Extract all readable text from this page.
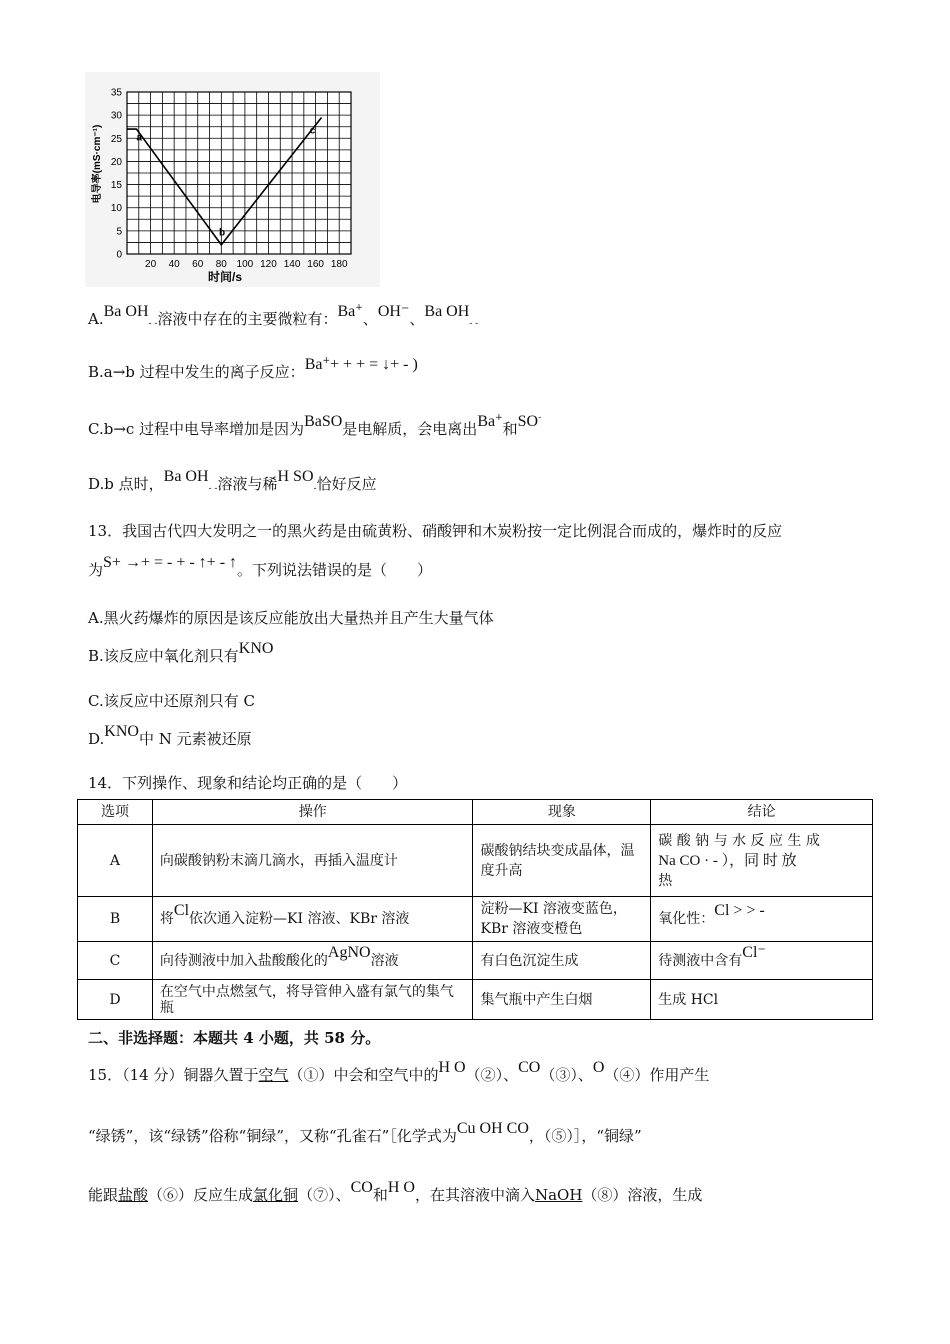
20 40 60 80 100 120 140 160 180
0
5
10
15
20
25
30
35
a
b
c
电导率(mS·cm⁻¹)
时间/s
A.Ba OH- -溶液中存在的主要微粒有：Ba+、OH⁻、Ba OH- -
B.a→b 过程中发生的离子反应：Ba++ + + = ↓+ - )
C.b→c 过程中电导率增加是因为BaSO是电解质，会电离出Ba+和SO-
D.b 点时，Ba OH- -溶液与稀H SO-恰好反应
13．我国古代四大发明之一的黑火药是由硫黄粉、硝酸钾和木炭粉按一定比例混合而成的，爆炸时的反应
为S+ →+ = - + - ↑+ - ↑。下列说法错误的是（　　）
A.黑火药爆炸的原因是该反应能放出大量热并且产生大量气体
B.该反应中氧化剂只有KNO
C.该反应中还原剂只有 C
D.KNO中 N 元素被还原
14．下列操作、现象和结论均正确的是（　　）
选项	操作	现象	结论
A	向碳酸钠粉末滴几滴水，再插入温度计	碳酸钠结块变成晶体，温度升高	碳 酸 钠 与 水 反 应 生 成
Na CO · - ），同 时 放
热

B	将Cl依次通入淀粉—KI 溶液、KBr 溶液	淀粉—KI 溶液变蓝色，KBr 溶液变橙色	氧化性：Cl > > -
C	向待测液中加入盐酸酸化的AgNO溶液	有白色沉淀生成	待测液中含有Cl⁻
D	在空气中点燃氢气，将导管伸入盛有氯气的集气瓶	集气瓶中产生白烟	生成 HCl
二、非选择题：本题共 4 小题，共 58 分。
15．（14 分）铜器久置于空气（①）中会和空气中的H O（②）、CO（③）、O（④）作用产生
“绿锈”，该“绿锈”俗称“铜绿”，又称“孔雀石”［化学式为Cu OH CO，（⑤）］，“铜绿”
能跟盐酸（⑥）反应生成氯化铜（⑦）、CO和H O，在其溶液中滴入NaOH（⑧）溶液，生成
